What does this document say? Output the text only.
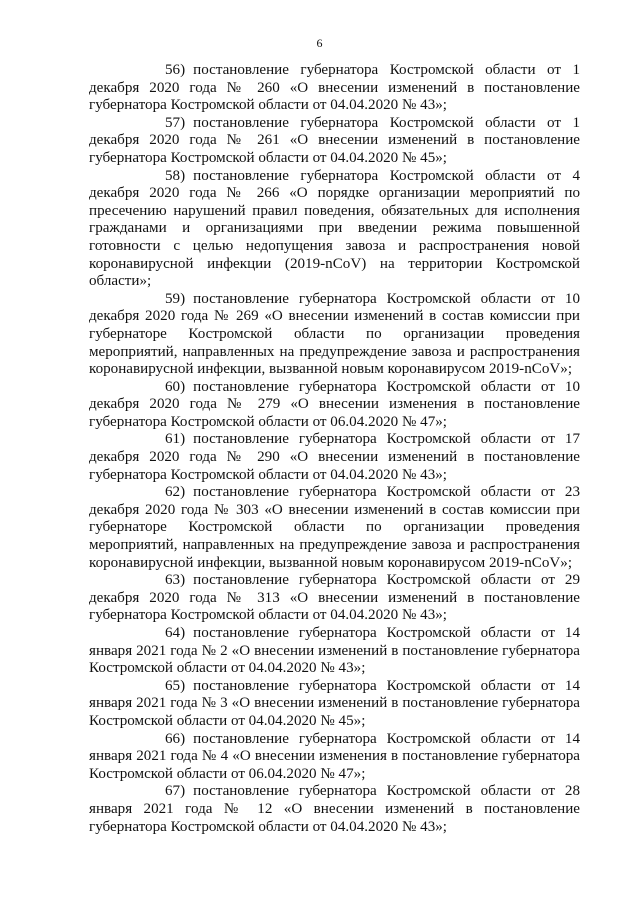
6

56) постановление губернатора Костромской области от 1 декабря 2020 года № 260 «О внесении изменений в постановление губернатора Костромской области от 04.04.2020 № 43»;

57) постановление губернатора Костромской области от 1 декабря 2020 года № 261 «О внесении изменений в постановление губернатора Костромской области от 04.04.2020 № 45»;

58) постановление губернатора Костромской области от 4 декабря 2020 года № 266 «О порядке организации мероприятий по пресечению нарушений правил поведения, обязательных для исполнения гражданами и организациями при введении режима повышенной готовности с целью недопущения завоза и распространения новой коронавирусной инфекции (2019-nCoV) на территории Костромской области»;

59) постановление губернатора Костромской области от 10 декабря 2020 года № 269 «О внесении изменений в состав комиссии при губернаторе Костромской области по организации проведения мероприятий, направленных на предупреждение завоза и распространения коронавирусной инфекции, вызванной новым коронавирусом 2019-nCoV»;

60) постановление губернатора Костромской области от 10 декабря 2020 года № 279 «О внесении изменения в постановление губернатора Костромской области от 06.04.2020 № 47»;

61) постановление губернатора Костромской области от 17 декабря 2020 года № 290 «О внесении изменений в постановление губернатора Костромской области от 04.04.2020 № 43»;

62) постановление губернатора Костромской области от 23 декабря 2020 года № 303 «О внесении изменений в состав комиссии при губернаторе Костромской области по организации проведения мероприятий, направленных на предупреждение завоза и распространения коронавирусной инфекции, вызванной новым коронавирусом 2019-nCoV»;

63) постановление губернатора Костромской области от 29 декабря 2020 года № 313 «О внесении изменений в постановление губернатора Костромской области от 04.04.2020 № 43»;

64) постановление губернатора Костромской области от 14 января 2021 года № 2 «О внесении изменений в постановление губернатора Костромской области от 04.04.2020 № 43»;

65) постановление губернатора Костромской области от 14 января 2021 года № 3 «О внесении изменений в постановление губернатора Костромской области от 04.04.2020 № 45»;

66) постановление губернатора Костромской области от 14 января 2021 года № 4 «О внесении изменения в постановление губернатора Костромской области от 06.04.2020 № 47»;

67) постановление губернатора Костромской области от 28 января 2021 года № 12 «О внесении изменений в постановление губернатора Костромской области от 04.04.2020 № 43»;
